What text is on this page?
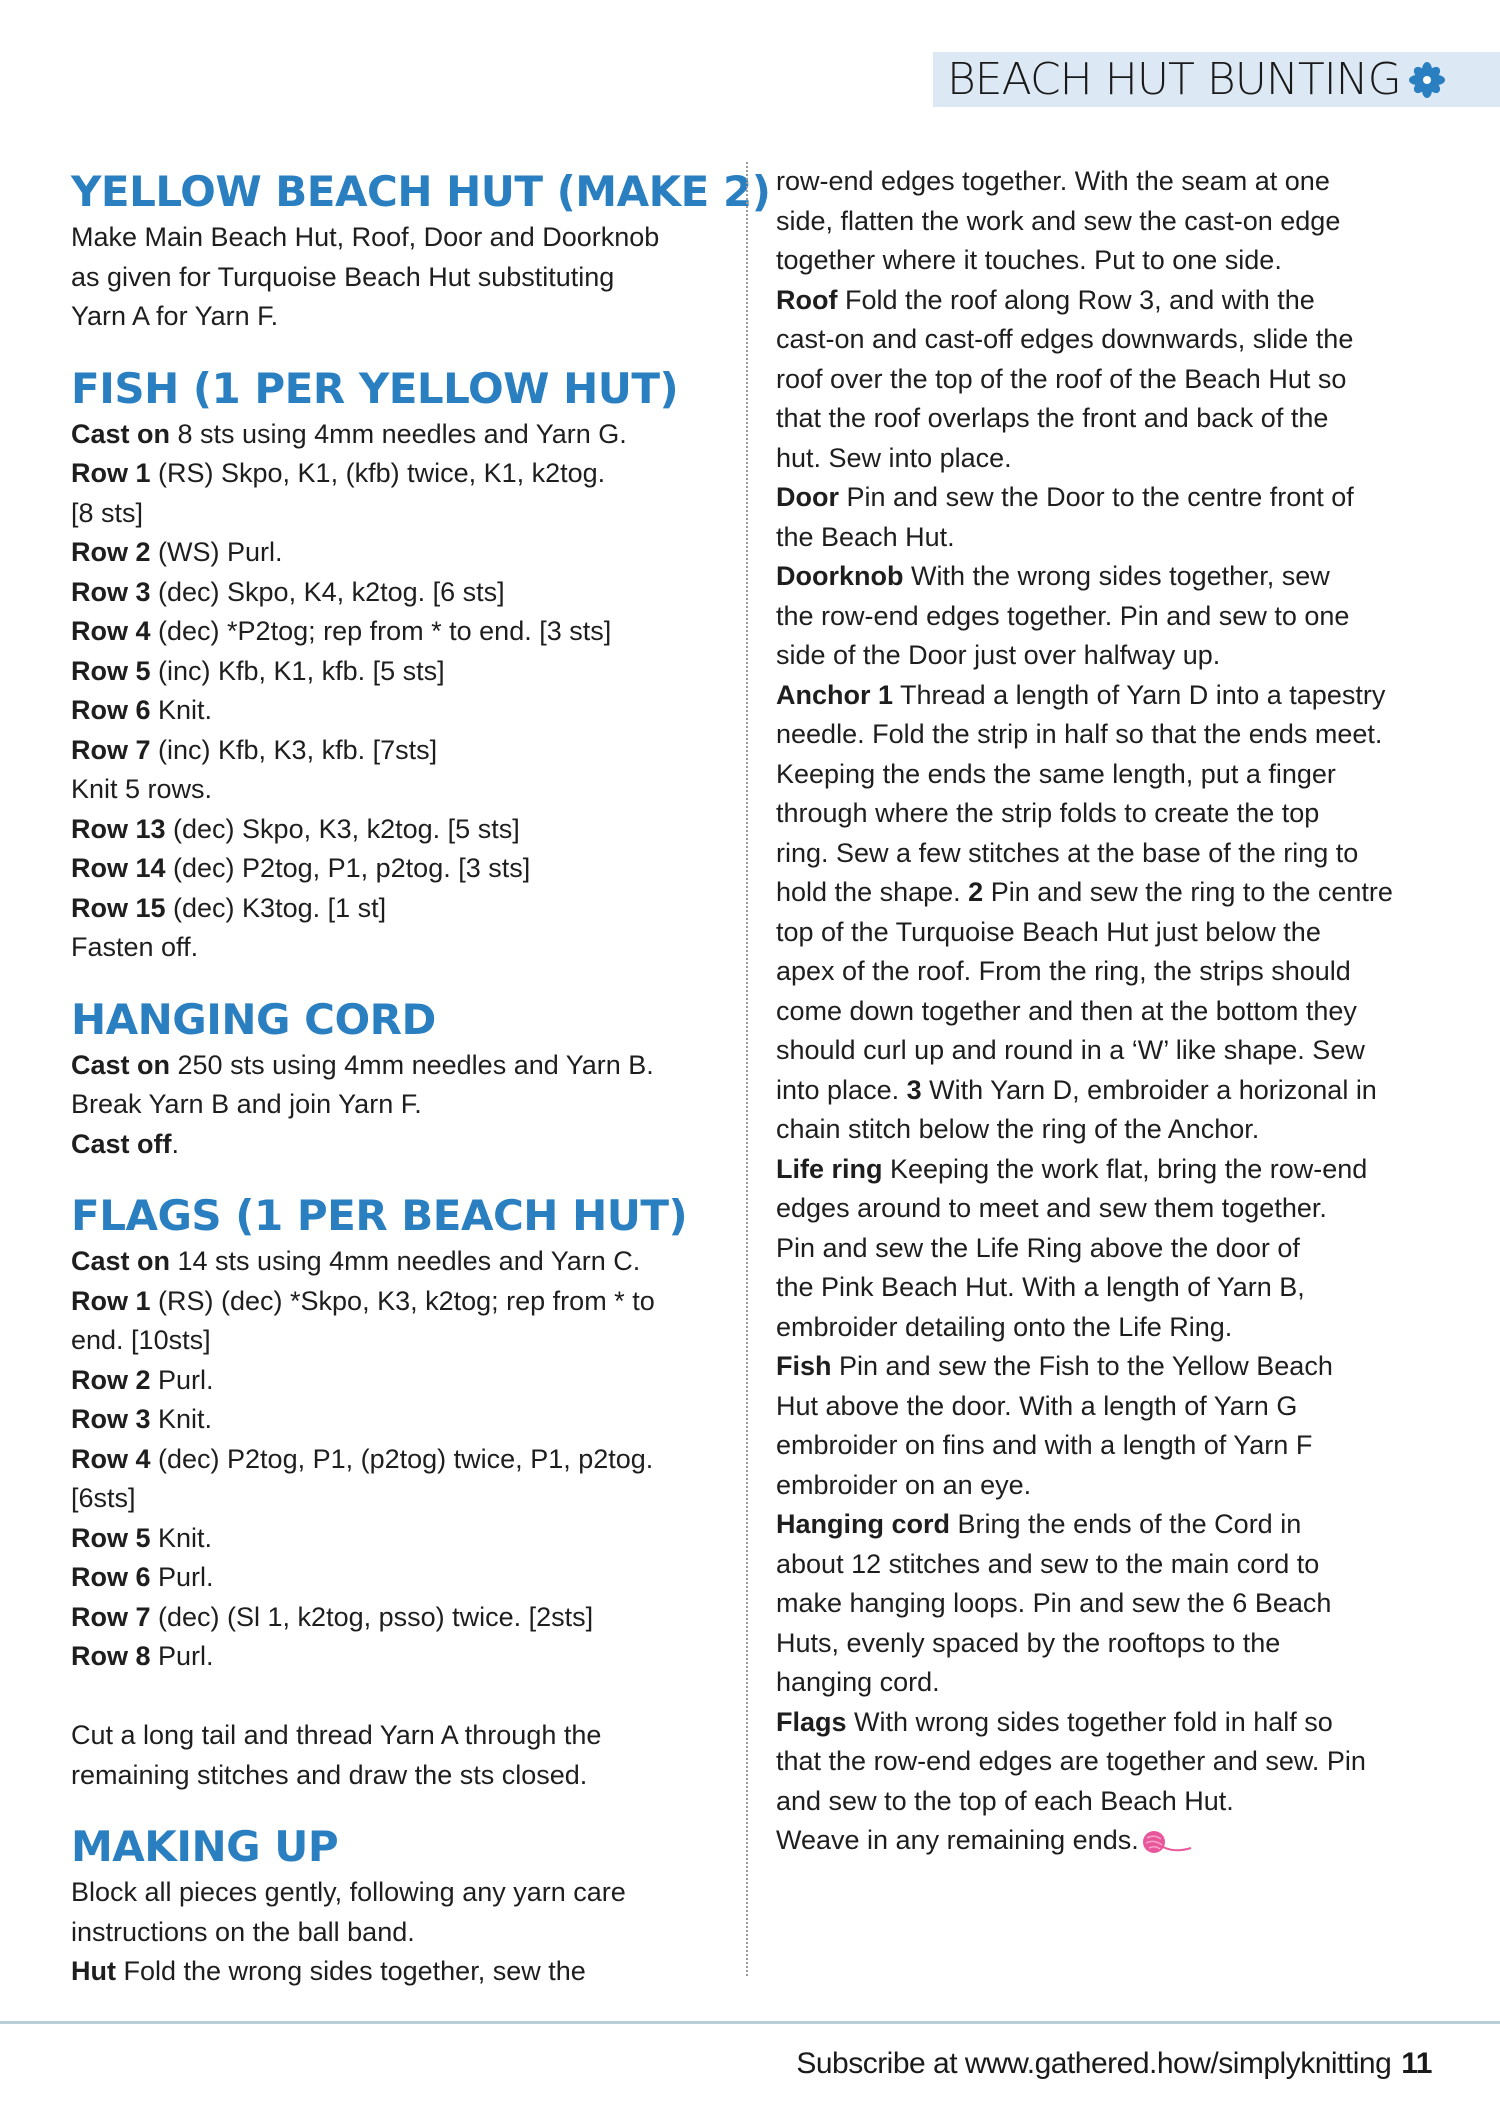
BEACH HUT BUNTING
YELLOW BEACH HUT (MAKE 2)
Make Main Beach Hut, Roof, Door and Doorknob
as given for Turquoise Beach Hut substituting
Yarn A for Yarn F.
FISH (1 PER YELLOW HUT)
Cast on 8 sts using 4mm needles and Yarn G.
Row 1 (RS) Skpo, K1, (kfb) twice, K1, k2tog.
[8 sts]
Row 2 (WS) Purl.
Row 3 (dec) Skpo, K4, k2tog. [6 sts]
Row 4 (dec) *P2tog; rep from * to end. [3 sts]
Row 5 (inc) Kfb, K1, kfb. [5 sts]
Row 6 Knit.
Row 7 (inc) Kfb, K3, kfb. [7sts]
Knit 5 rows.
Row 13 (dec) Skpo, K3, k2tog. [5 sts]
Row 14 (dec) P2tog, P1, p2tog. [3 sts]
Row 15 (dec) K3tog. [1 st]
Fasten off.
HANGING CORD
Cast on 250 sts using 4mm needles and Yarn B.
Break Yarn B and join Yarn F.
Cast off.
FLAGS (1 PER BEACH HUT)
Cast on 14 sts using 4mm needles and Yarn C.
Row 1 (RS) (dec) *Skpo, K3, k2tog; rep from * to
end. [10sts]
Row 2 Purl.
Row 3 Knit.
Row 4 (dec) P2tog, P1, (p2tog) twice, P1, p2tog.
[6sts]
Row 5 Knit.
Row 6 Purl.
Row 7 (dec) (Sl 1, k2tog, psso) twice. [2sts]
Row 8 Purl.
Cut a long tail and thread Yarn A through the
remaining stitches and draw the sts closed.
MAKING UP
Block all pieces gently, following any yarn care
instructions on the ball band.
Hut Fold the wrong sides together, sew the
row-end edges together. With the seam at one
side, flatten the work and sew the cast-on edge
together where it touches. Put to one side.
Roof Fold the roof along Row 3, and with the
cast-on and cast-off edges downwards, slide the
roof over the top of the roof of the Beach Hut so
that the roof overlaps the front and back of the
hut. Sew into place.
Door Pin and sew the Door to the centre front of
the Beach Hut.
Doorknob With the wrong sides together, sew
the row-end edges together. Pin and sew to one
side of the Door just over halfway up.
Anchor 1 Thread a length of Yarn D into a tapestry
needle. Fold the strip in half so that the ends meet.
Keeping the ends the same length, put a finger
through where the strip folds to create the top
ring. Sew a few stitches at the base of the ring to
hold the shape. 2 Pin and sew the ring to the centre
top of the Turquoise Beach Hut just below the
apex of the roof. From the ring, the strips should
come down together and then at the bottom they
should curl up and round in a ‘W’ like shape. Sew
into place. 3 With Yarn D, embroider a horizonal in
chain stitch below the ring of the Anchor.
Life ring Keeping the work flat, bring the row-end
edges around to meet and sew them together.
Pin and sew the Life Ring above the door of
the Pink Beach Hut. With a length of Yarn B,
embroider detailing onto the Life Ring.
Fish Pin and sew the Fish to the Yellow Beach
Hut above the door. With a length of Yarn G
embroider on fins and with a length of Yarn F
embroider on an eye.
Hanging cord Bring the ends of the Cord in
about 12 stitches and sew to the main cord to
make hanging loops. Pin and sew the 6 Beach
Huts, evenly spaced by the rooftops to the
hanging cord.
Flags With wrong sides together fold in half so
that the row-end edges are together and sew. Pin
and sew to the top of each Beach Hut.
Weave in any remaining ends.
Subscribe at www.gathered.how/simplyknitting 11
